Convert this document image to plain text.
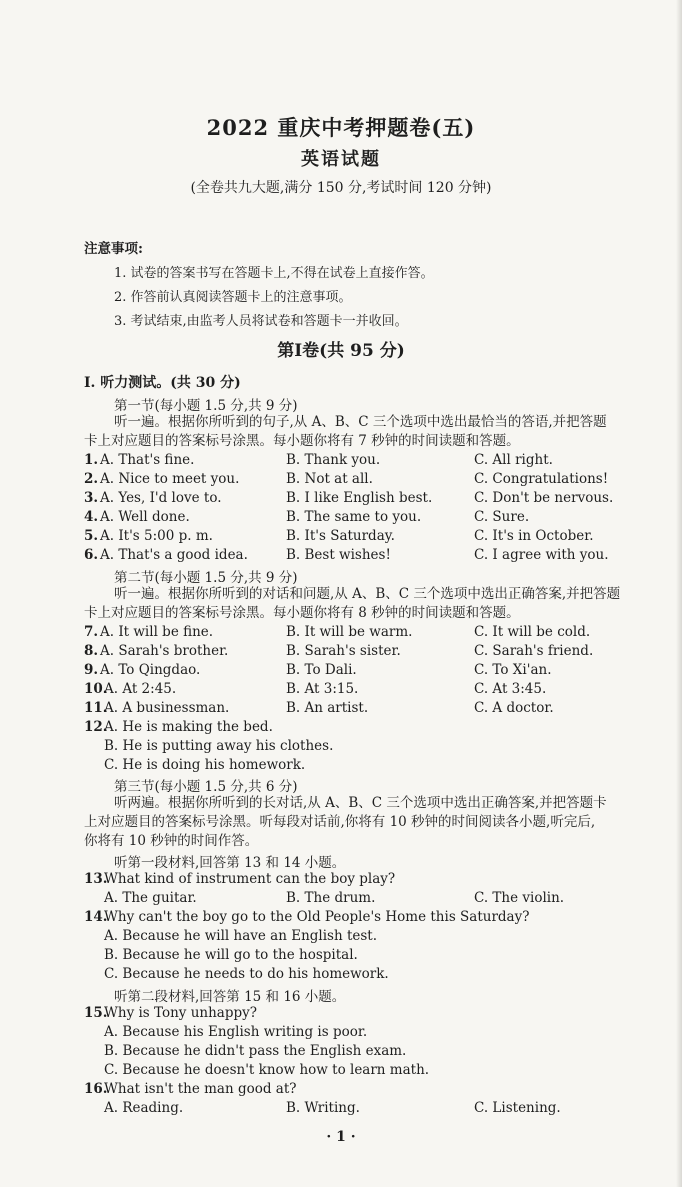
2022 重庆中考押题卷(五)
英语试题
(全卷共九大题,满分 150 分,考试时间 120 分钟)
注意事项:
1. 试卷的答案书写在答题卡上,不得在试卷上直接作答。
2. 作答前认真阅读答题卡上的注意事项。
3. 考试结束,由监考人员将试卷和答题卡一并收回。
第Ⅰ卷(共 95 分)
Ⅰ. 听力测试。(共 30 分)
第一节(每小题 1.5 分,共 9 分)

听一遍。根据你所听到的句子,从 A、B、C 三个选项中选出最恰当的答语,并把答题

卡上对应题目的答案标号涂黑。每小题你将有 7 秒钟的时间读题和答题。

1. A. That's fine.	B. Thank you.	C. All right.
2. A. Nice to meet you.	B. Not at all.	C. Congratulations!
3. A. Yes, I'd love to.	B. I like English best.	C. Don't be nervous.
4. A. Well done.	B. The same to you.	C. Sure.
5. A. It's 5:00 p. m.	B. It's Saturday.	C. It's in October.
6. A. That's a good idea.	B. Best wishes!	C. I agree with you.
第二节(每小题 1.5 分,共 9 分)

听一遍。根据你所听到的对话和问题,从 A、B、C 三个选项中选出正确答案,并把答题

卡上对应题目的答案标号涂黑。每小题你将有 8 秒钟的时间读题和答题。

7. A. It will be fine.	B. It will be warm.	C. It will be cold.
8. A. Sarah's brother.	B. Sarah's sister.	C. Sarah's friend.
9. A. To Qingdao.	B. To Dali.	C. To Xi'an.
10.
A. At 2:45.	B. At 3:15.	C. At 3:45.
11.
A. A businessman.	B. An artist.	C. A doctor.
12.
A. He is making the bed.
B. He is putting away his clothes.
C. He is doing his homework.
第三节(每小题 1.5 分,共 6 分)

听两遍。根据你所听到的长对话,从 A、B、C 三个选项中选出正确答案,并把答题卡

上对应题目的答案标号涂黑。听每段对话前,你将有 10 秒钟的时间阅读各小题,听完后,

你将有 10 秒钟的时间作答。

听第一段材料,回答第 13 和 14 小题。
13.
What kind of instrument can the boy play?
A. The guitar.	B. The drum.	C. The violin.
14.
Why can't the boy go to the Old People's Home this Saturday?
A. Because he will have an English test.
B. Because he will go to the hospital.
C. Because he needs to do his homework.
听第二段材料,回答第 15 和 16 小题。
15.
Why is Tony unhappy?
A. Because his English writing is poor.
B. Because he didn't pass the English exam.
C. Because he doesn't know how to learn math.
16.
What isn't the man good at?
A. Reading.	B. Writing.	C. Listening.
· 1 ·
